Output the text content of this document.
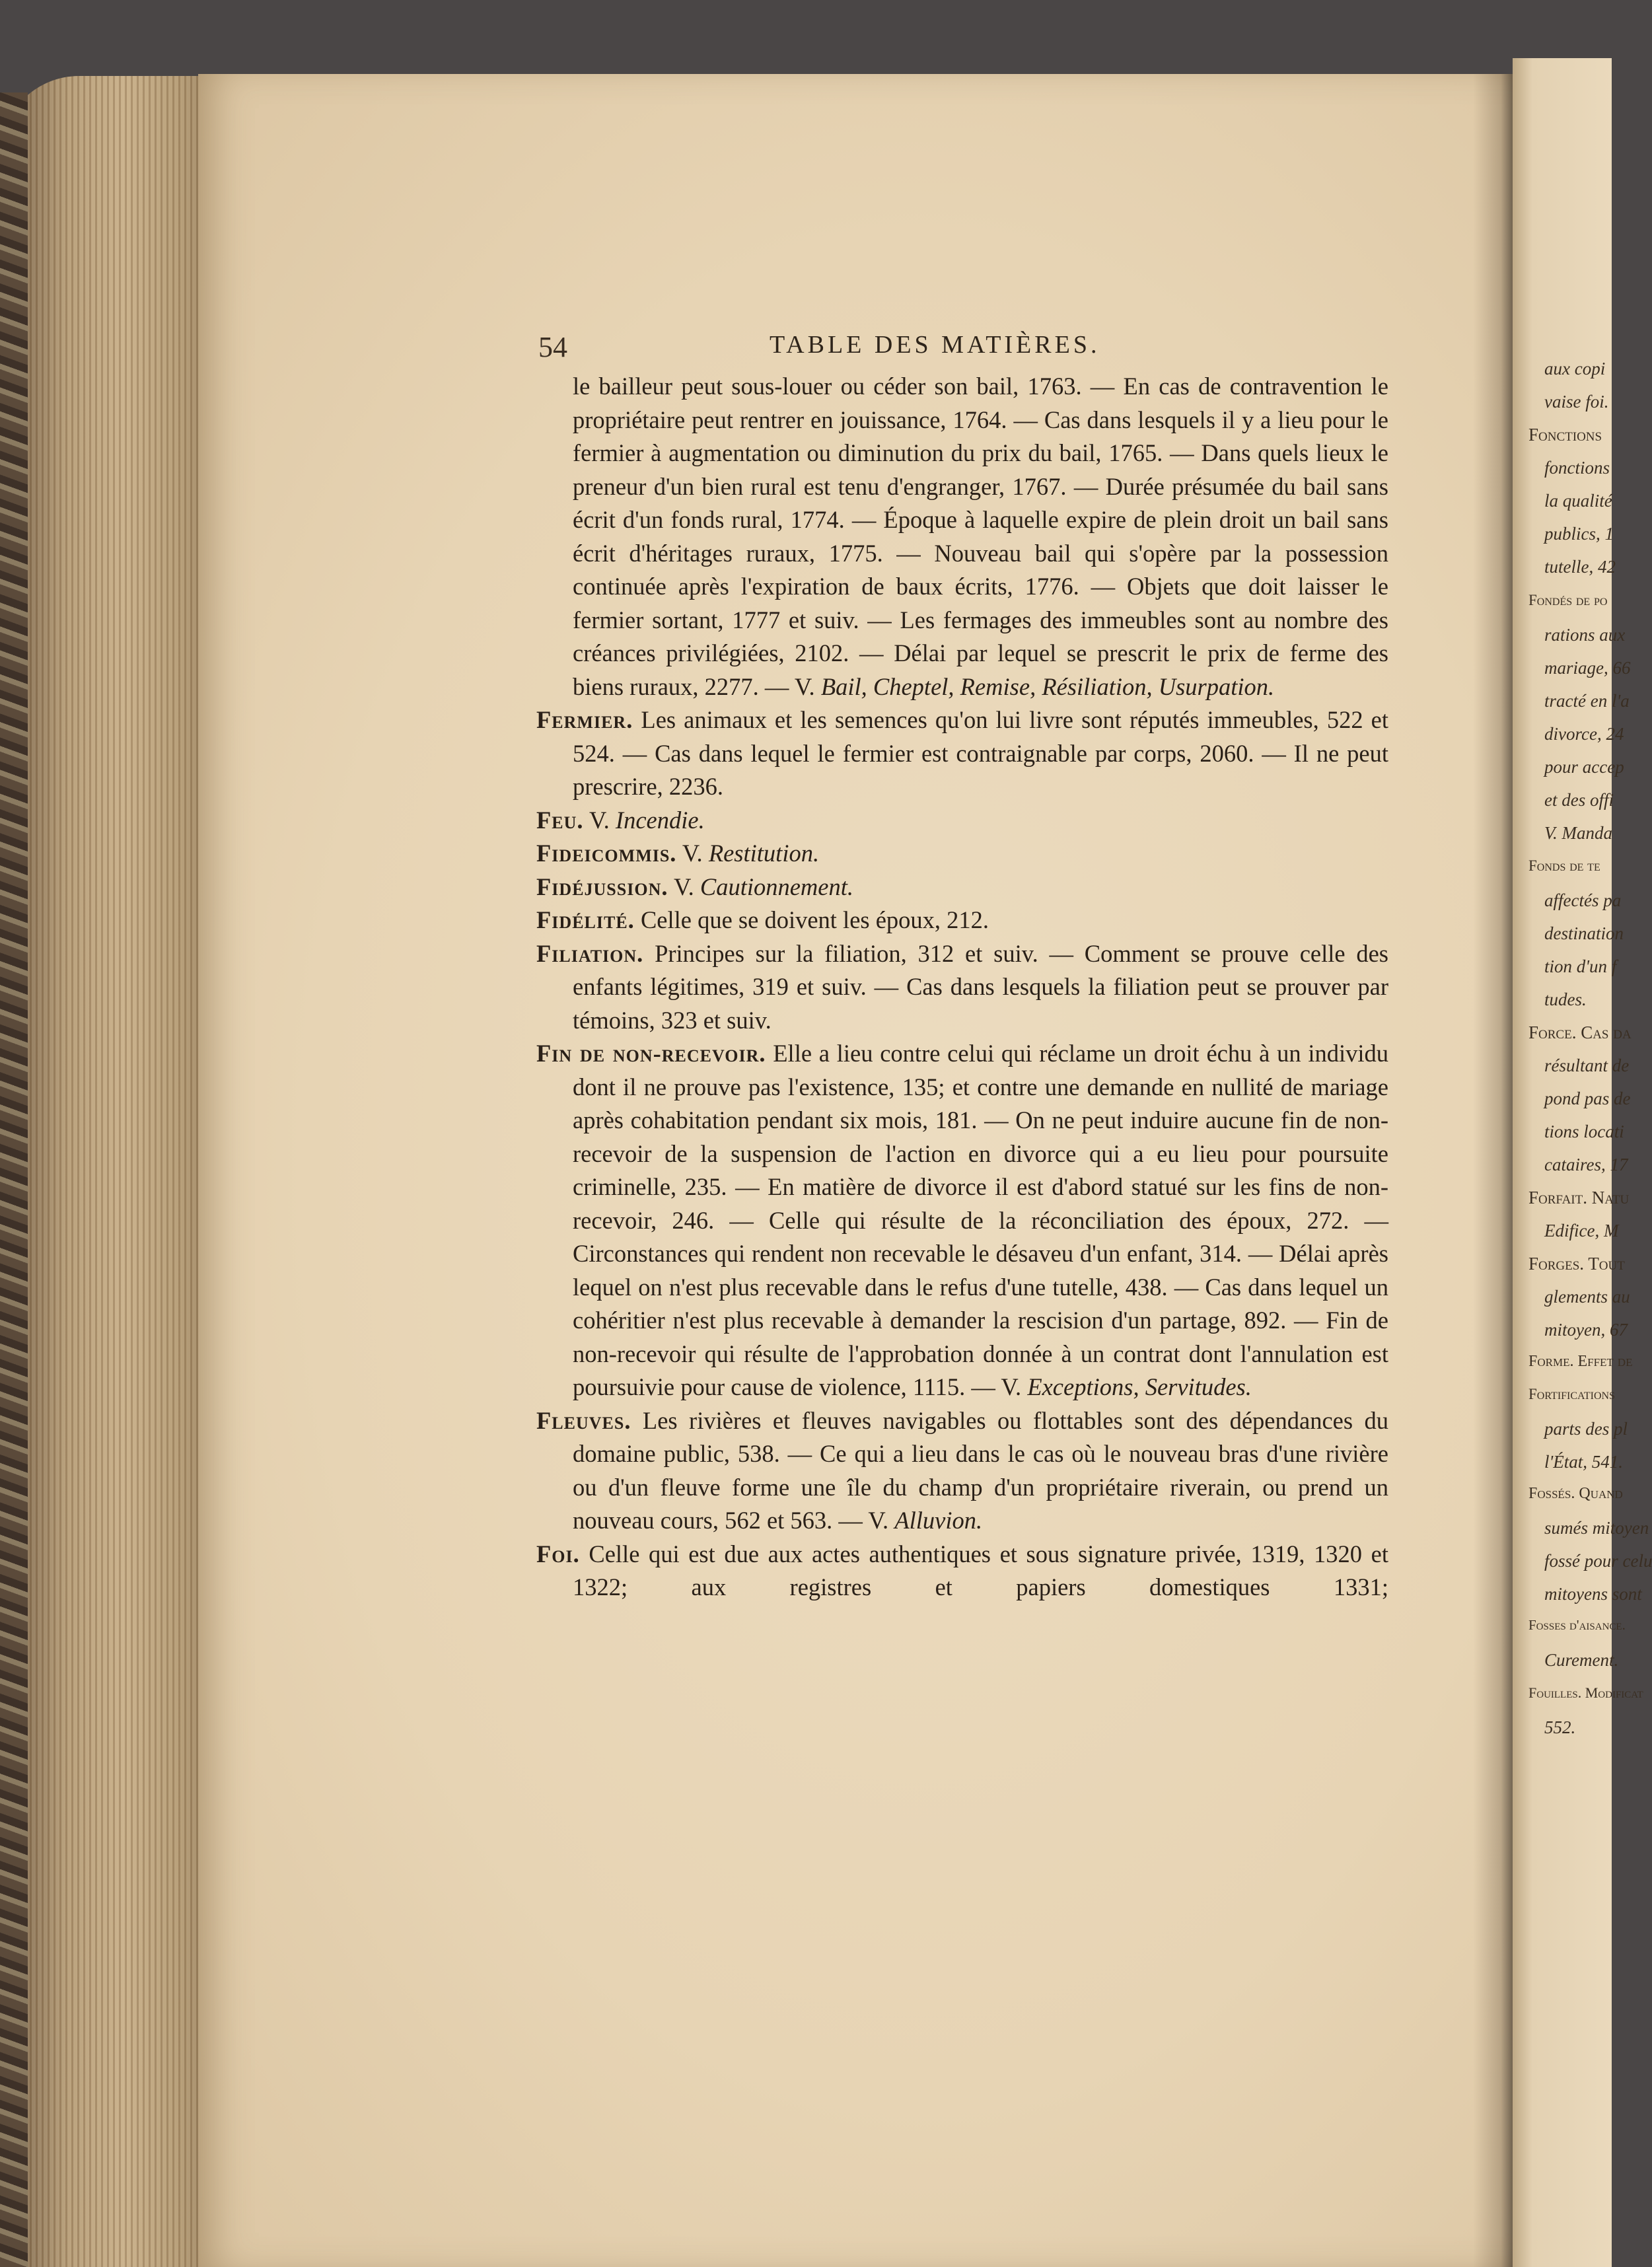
54	TABLE DES MATIÈRES.

le bailleur peut sous-louer ou céder son bail, 1763. — En cas de contravention le propriétaire peut rentrer en jouissance, 1764. — Cas dans lesquels il y a lieu pour le fermier à augmentation ou diminution du prix du bail, 1765. — Dans quels lieux le preneur d'un bien rural est tenu d'engranger, 1767. — Durée présumée du bail sans écrit d'un fonds rural, 1774. — Époque à laquelle expire de plein droit un bail sans écrit d'héritages ruraux, 1775. — Nouveau bail qui s'opère par la possession continuée après l'expiration de baux écrits, 1776. — Objets que doit laisser le fermier sortant, 1777 et suiv. — Les fermages des immeubles sont au nombre des créances privilégiées, 2102. — Délai par lequel se prescrit le prix de ferme des biens ruraux, 2277. — V. Bail, Cheptel, Remise, Résiliation, Usurpation.

Fermier. Les animaux et les semences qu'on lui livre sont réputés immeubles, 522 et 524. — Cas dans lequel le fermier est contraignable par corps, 2060. — Il ne peut prescrire, 2236.

Feu. V. Incendie.

Fideicommis. V. Restitution.

Fidéjussion. V. Cautionnement.

Fidélité. Celle que se doivent les époux, 212.

Filiation. Principes sur la filiation, 312 et suiv. — Comment se prouve celle des enfants légitimes, 319 et suiv. — Cas dans lesquels la filiation peut se prouver par témoins, 323 et suiv.

Fin de non-recevoir. Elle a lieu contre celui qui réclame un droit échu à un individu dont il ne prouve pas l'existence, 135; et contre une demande en nullité de mariage après cohabitation pendant six mois, 181. — On ne peut induire aucune fin de non-recevoir de la suspension de l'action en divorce qui a eu lieu pour poursuite criminelle, 235. — En matière de divorce il est d'abord statué sur les fins de non-recevoir, 246. — Celle qui résulte de la réconciliation des époux, 272. — Circonstances qui rendent non recevable le désaveu d'un enfant, 314. — Délai après lequel on n'est plus recevable dans le refus d'une tutelle, 438. — Cas dans lequel un cohéritier n'est plus recevable à demander la rescision d'un partage, 892. — Fin de non-recevoir qui résulte de l'approbation donnée à un contrat dont l'annulation est poursuivie pour cause de violence, 1115. — V. Exceptions, Servitudes.

Fleuves. Les rivières et fleuves navigables ou flottables sont des dépendances du domaine public, 538. — Ce qui a lieu dans le cas où le nouveau bras d'une rivière ou d'un fleuve forme une île du champ d'un propriétaire riverain, ou prend un nouveau cours, 562 et 563. — V. Alluvion.

Foi. Celle qui est due aux actes authentiques et sous signature privée, 1319, 1320 et 1322; aux registres et papiers domestiques 1331;

aux copi
vaise foi.
Fonctions
fonctions
la qualité
publics, 1
tutelle, 42
Fondés de po
rations aux
mariage, 66
tracté en l'a
divorce, 24
pour accep
et des offi
V. Manda
Fonds de te
affectés pa
destination
tion d'un f
tudes.
Force. Cas da
résultant de
pond pas de
tions locati
cataires, 17
Forfait. Natu
Edifice, M
Forges. Tout
glements au
mitoyen, 67
Forme. Effet de
Fortifications
parts des pl
l'État, 541.
Fossés. Quand
sumés mitoyen
fossé pour celu
mitoyens sont
Fosses d'aisance.
Curement.
Fouilles. Modificat
552.
